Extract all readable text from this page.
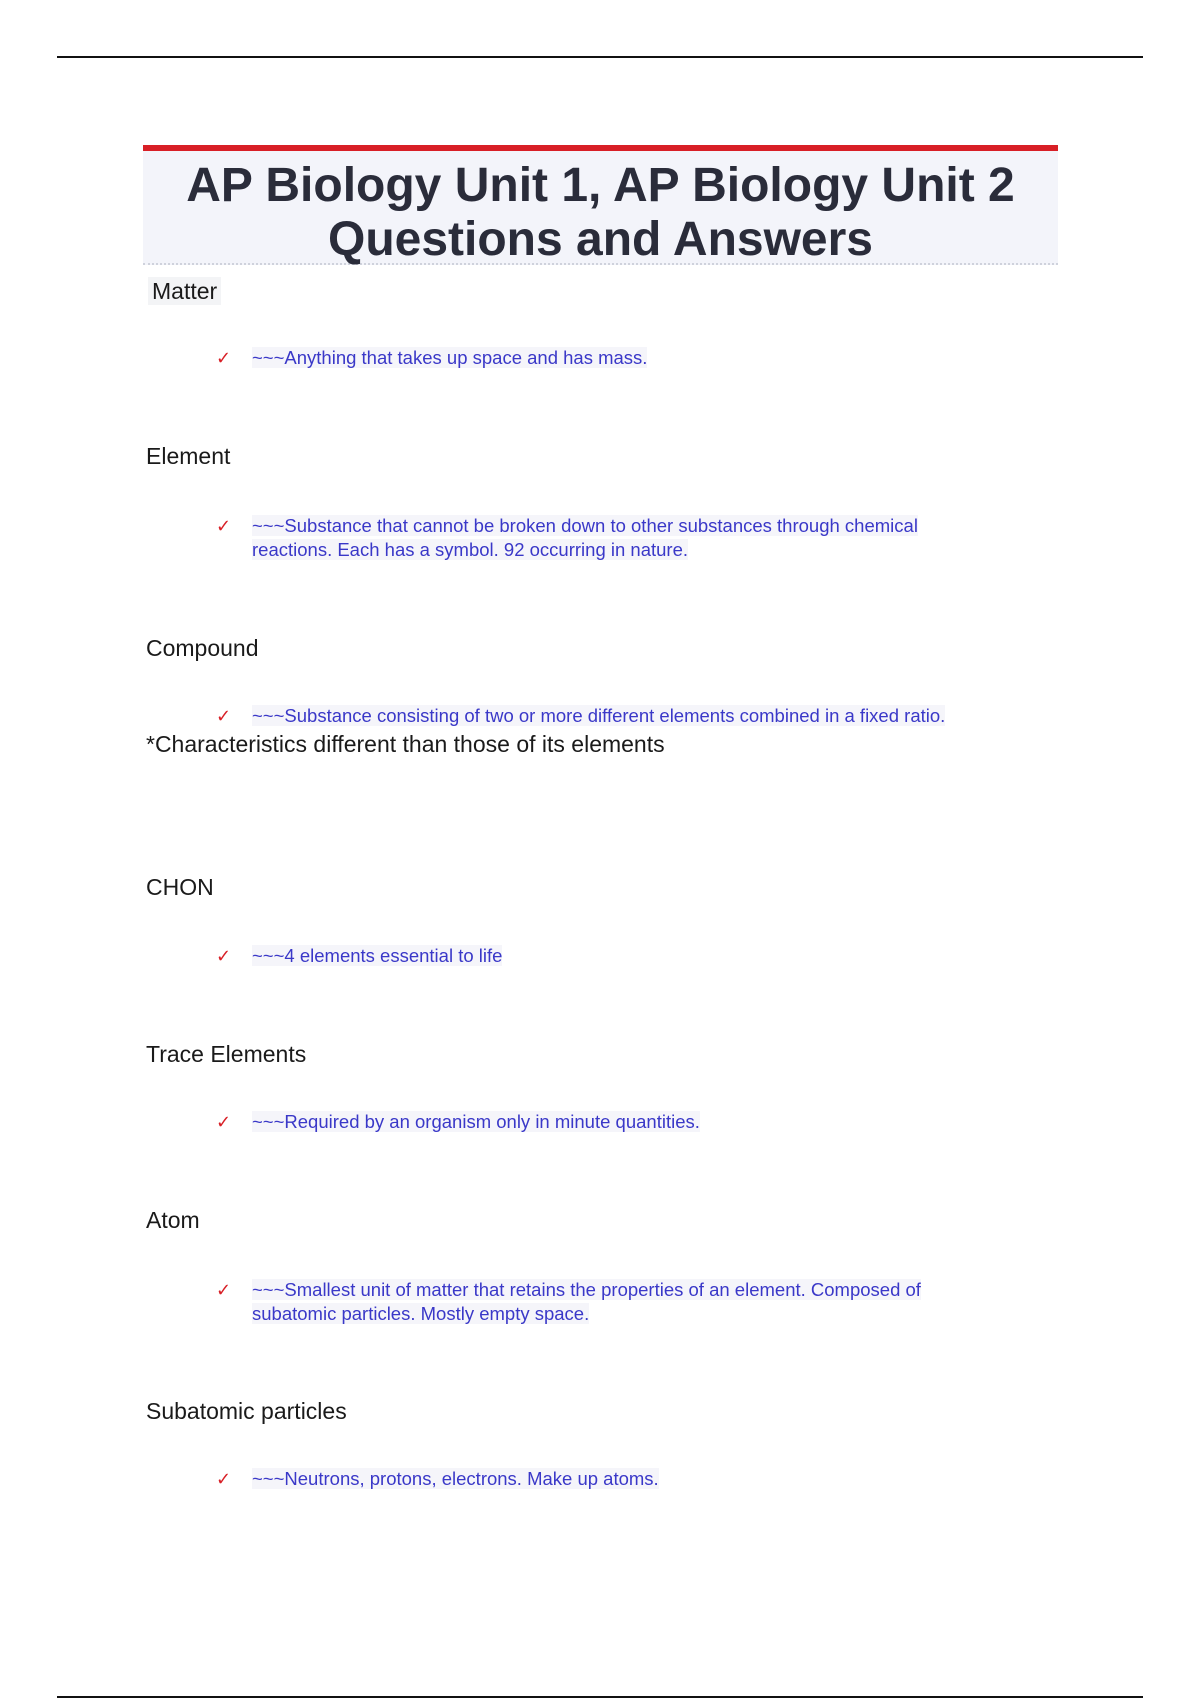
AP Biology Unit 1, AP Biology Unit 2
Questions and Answers
Matter
✓ ~~~Anything that takes up space and has mass.
Element
✓ ~~~Substance that cannot be broken down to other substances through chemical
reactions. Each has a symbol. 92 occurring in nature.
Compound
✓ ~~~Substance consisting of two or more different elements combined in a fixed ratio.
*Characteristics different than those of its elements
CHON
✓ ~~~4 elements essential to life
Trace Elements
✓ ~~~Required by an organism only in minute quantities.
Atom
✓ ~~~Smallest unit of matter that retains the properties of an element. Composed of
subatomic particles. Mostly empty space.
Subatomic particles
✓ ~~~Neutrons, protons, electrons. Make up atoms.
